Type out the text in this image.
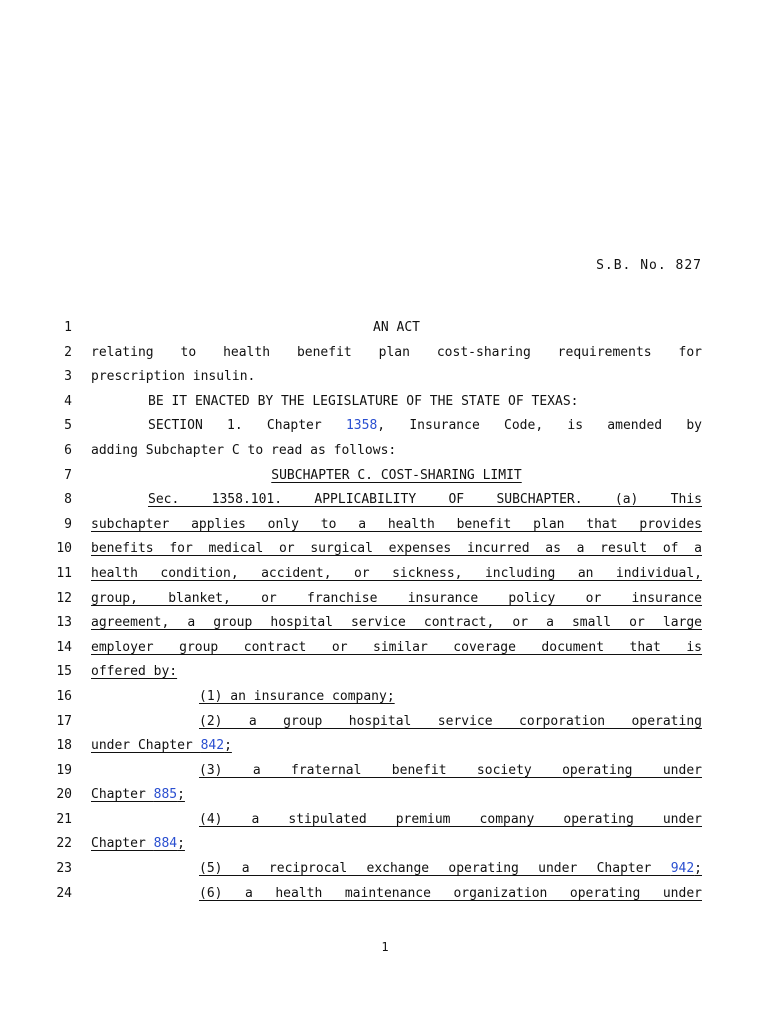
S.B. No. 827
1	AN ACT
2 relating to health benefit plan cost-sharing requirements for
3 prescription insulin.
4	BE IT ENACTED BY THE LEGISLATURE OF THE STATE OF TEXAS:
5	SECTION 1. Chapter 1358, Insurance Code, is amended by
6 adding Subchapter C to read as follows:
7	SUBCHAPTER C. COST-SHARING LIMIT
8	Sec. 1358.101. APPLICABILITY OF SUBCHAPTER. (a) This
9 subchapter applies only to a health benefit plan that provides
10 benefits for medical or surgical expenses incurred as a result of a
11 health condition, accident, or sickness, including an individual,
12 group, blanket, or franchise insurance policy or insurance
13 agreement, a group hospital service contract, or a small or large
14 employer group contract or similar coverage document that is
15 offered by:
16	(1) an insurance company;
17	(2) a group hospital service corporation operating
18 under Chapter 842;
19	(3) a fraternal benefit society operating under
20 Chapter 885;
21	(4) a stipulated premium company operating under
22 Chapter 884;
23	(5) a reciprocal exchange operating under Chapter 942;
24	(6) a health maintenance organization operating under
1
